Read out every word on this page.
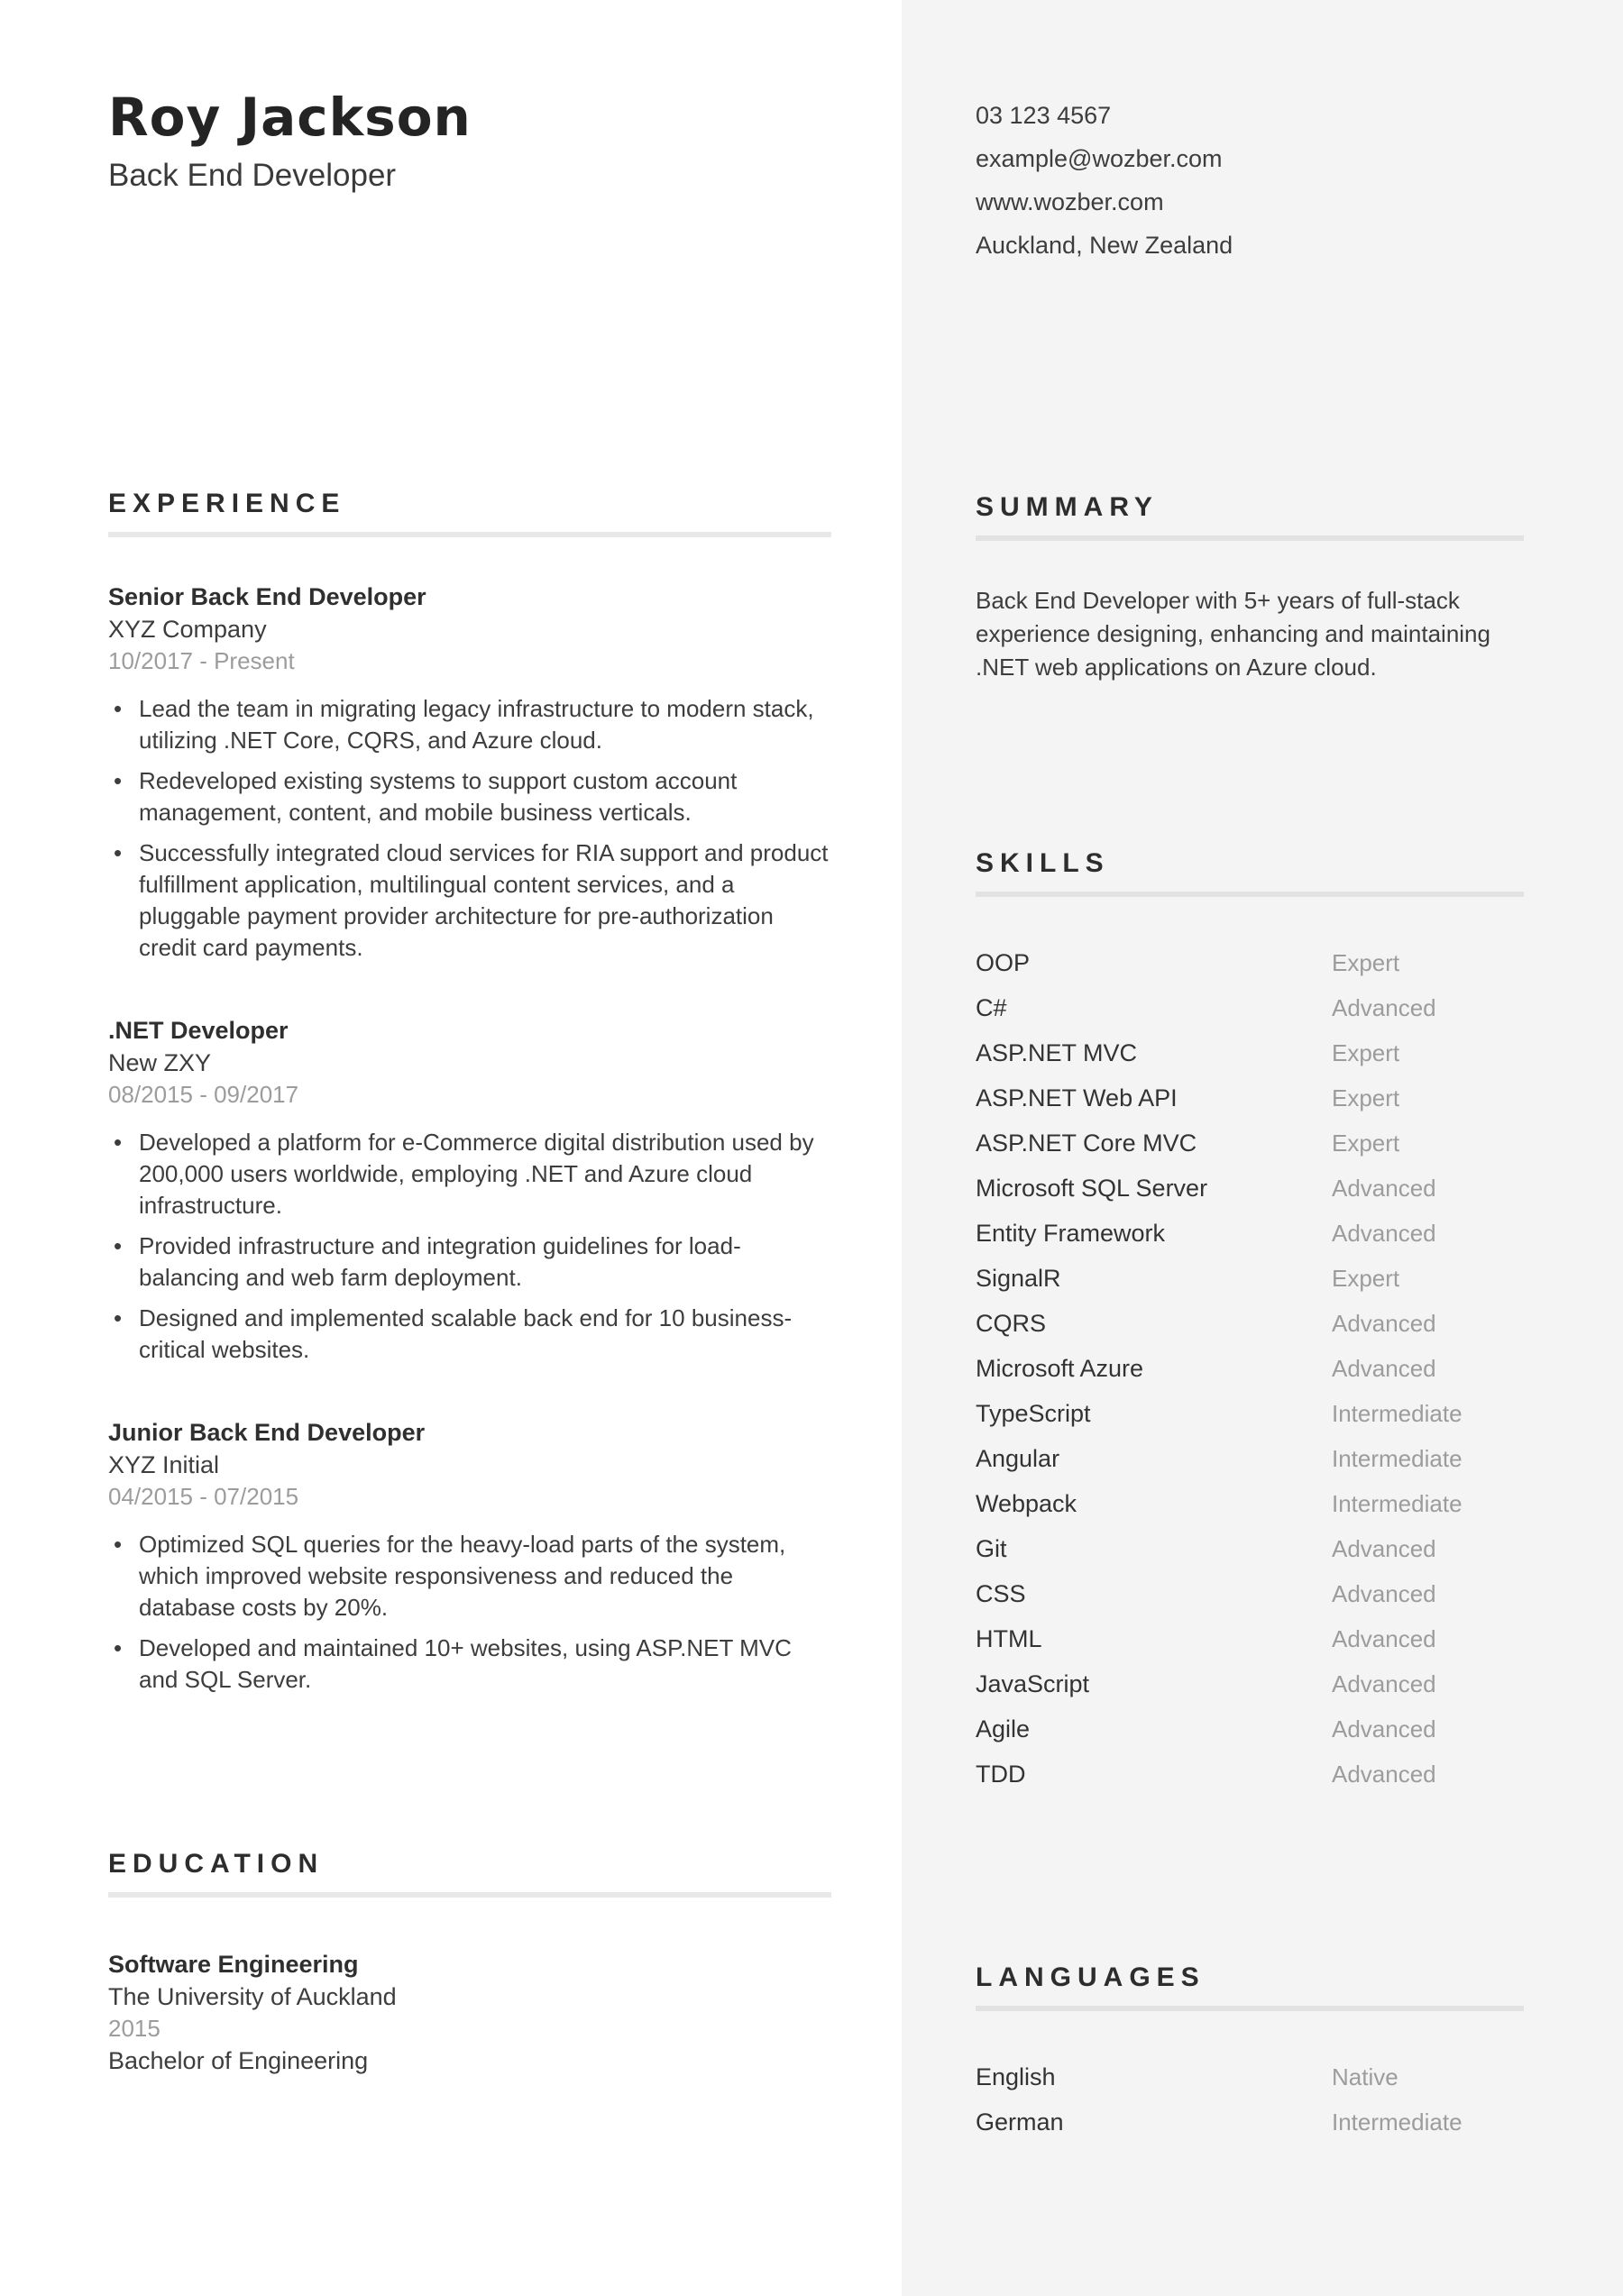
Roy Jackson
Back End Developer
EXPERIENCE
Senior Back End Developer
XYZ Company
10/2017 - Present
• Lead the team in migrating legacy infrastructure to modern stack, utilizing .NET Core, CQRS, and Azure cloud.
• Redeveloped existing systems to support custom account management, content, and mobile business verticals.
• Successfully integrated cloud services for RIA support and product fulfillment application, multilingual content services, and a pluggable payment provider architecture for pre-authorization credit card payments.
.NET Developer
New ZXY
08/2015 - 09/2017
• Developed a platform for e-Commerce digital distribution used by 200,000 users worldwide, employing .NET and Azure cloud infrastructure.
• Provided infrastructure and integration guidelines for load-balancing and web farm deployment.
• Designed and implemented scalable back end for 10 business-critical websites.
Junior Back End Developer
XYZ Initial
04/2015 - 07/2015
• Optimized SQL queries for the heavy-load parts of the system, which improved website responsiveness and reduced the database costs by 20%.
• Developed and maintained 10+ websites, using ASP.NET MVC and SQL Server.
EDUCATION
Software Engineering
The University of Auckland
2015
Bachelor of Engineering
03 123 4567
example@wozber.com
www.wozber.com
Auckland, New Zealand
SUMMARY
Back End Developer with 5+ years of full-stack experience designing, enhancing and maintaining .NET web applications on Azure cloud.
SKILLS
OOP	Expert
C#	Advanced
ASP.NET MVC	Expert
ASP.NET Web API	Expert
ASP.NET Core MVC	Expert
Microsoft SQL Server	Advanced
Entity Framework	Advanced
SignalR	Expert
CQRS	Advanced
Microsoft Azure	Advanced
TypeScript	Intermediate
Angular	Intermediate
Webpack	Intermediate
Git	Advanced
CSS	Advanced
HTML	Advanced
JavaScript	Advanced
Agile	Advanced
TDD	Advanced
LANGUAGES
English	Native
German	Intermediate
